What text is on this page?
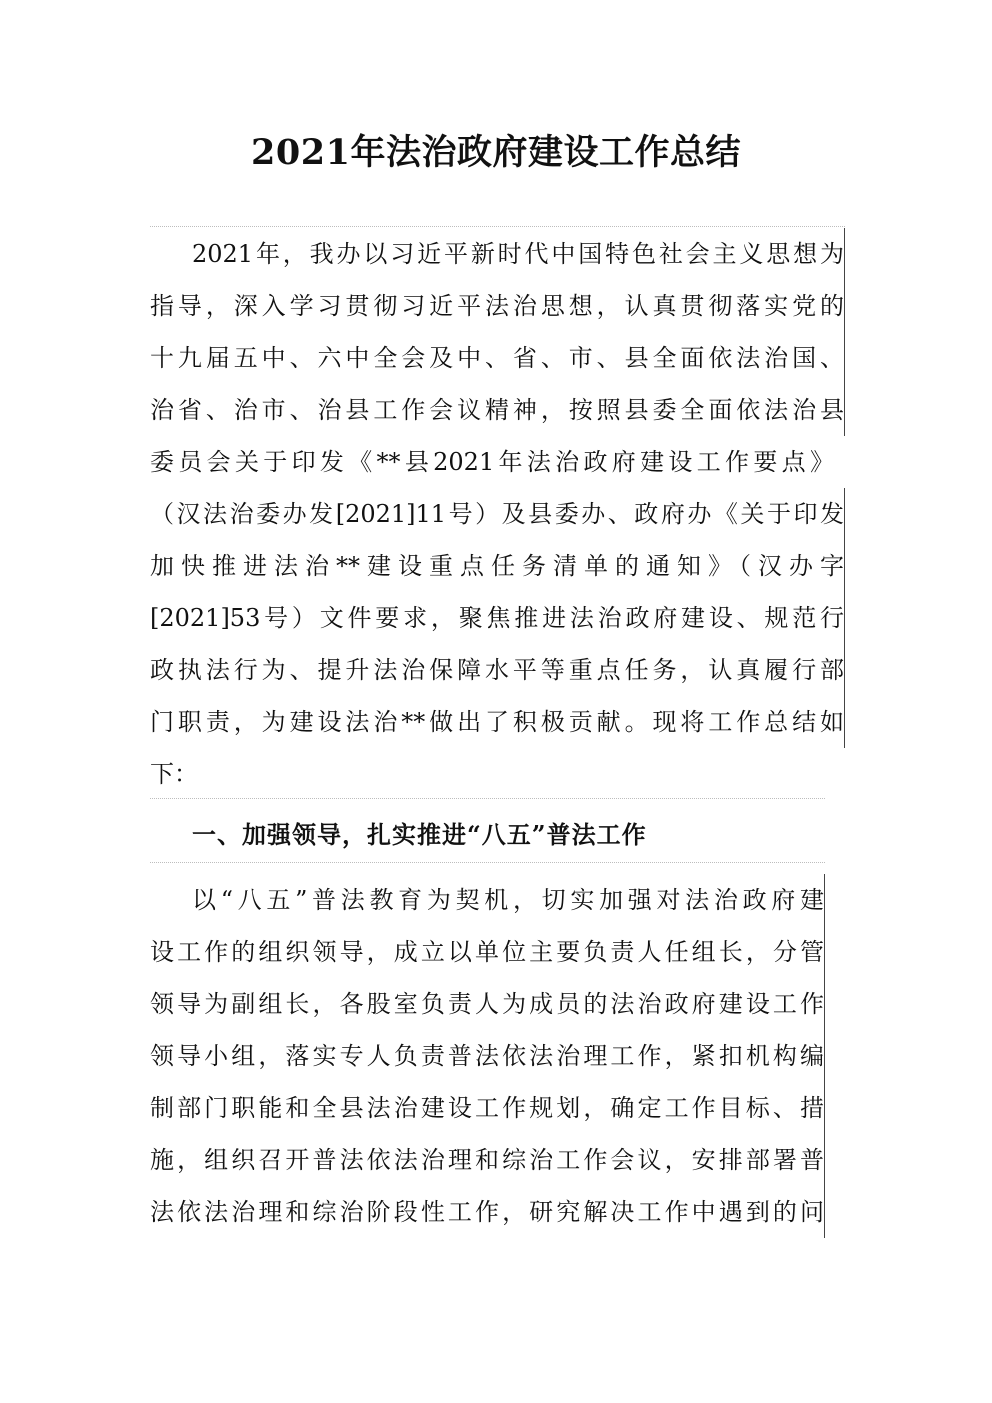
2021年法治政府建设工作总结
2021年，我办以习近平新时代中国特色社会主义思想为
指导，深入学习贯彻习近平法治思想，认真贯彻落实党的
十九届五中、六中全会及中、省、市、县全面依法治国、
治省、治市、治县工作会议精神，按照县委全面依法治县
委员会关于印发《**县2021年法治政府建设工作要点》
（汉法治委办发[2021]11号）及县委办、政府办《关于印发
加快推进法治**建设重点任务清单的通知》（汉办字
[2021]53号）文件要求，聚焦推进法治政府建设、规范行
政执法行为、提升法治保障水平等重点任务，认真履行部
门职责，为建设法治**做出了积极贡献。现将工作总结如
下：
一、加强领导，扎实推进“八五”普法工作
以“八五”普法教育为契机，切实加强对法治政府建
设工作的组织领导，成立以单位主要负责人任组长，分管
领导为副组长，各股室负责人为成员的法治政府建设工作
领导小组，落实专人负责普法依法治理工作，紧扣机构编
制部门职能和全县法治建设工作规划，确定工作目标、措
施，组织召开普法依法治理和综治工作会议，安排部署普
法依法治理和综治阶段性工作，研究解决工作中遇到的问
